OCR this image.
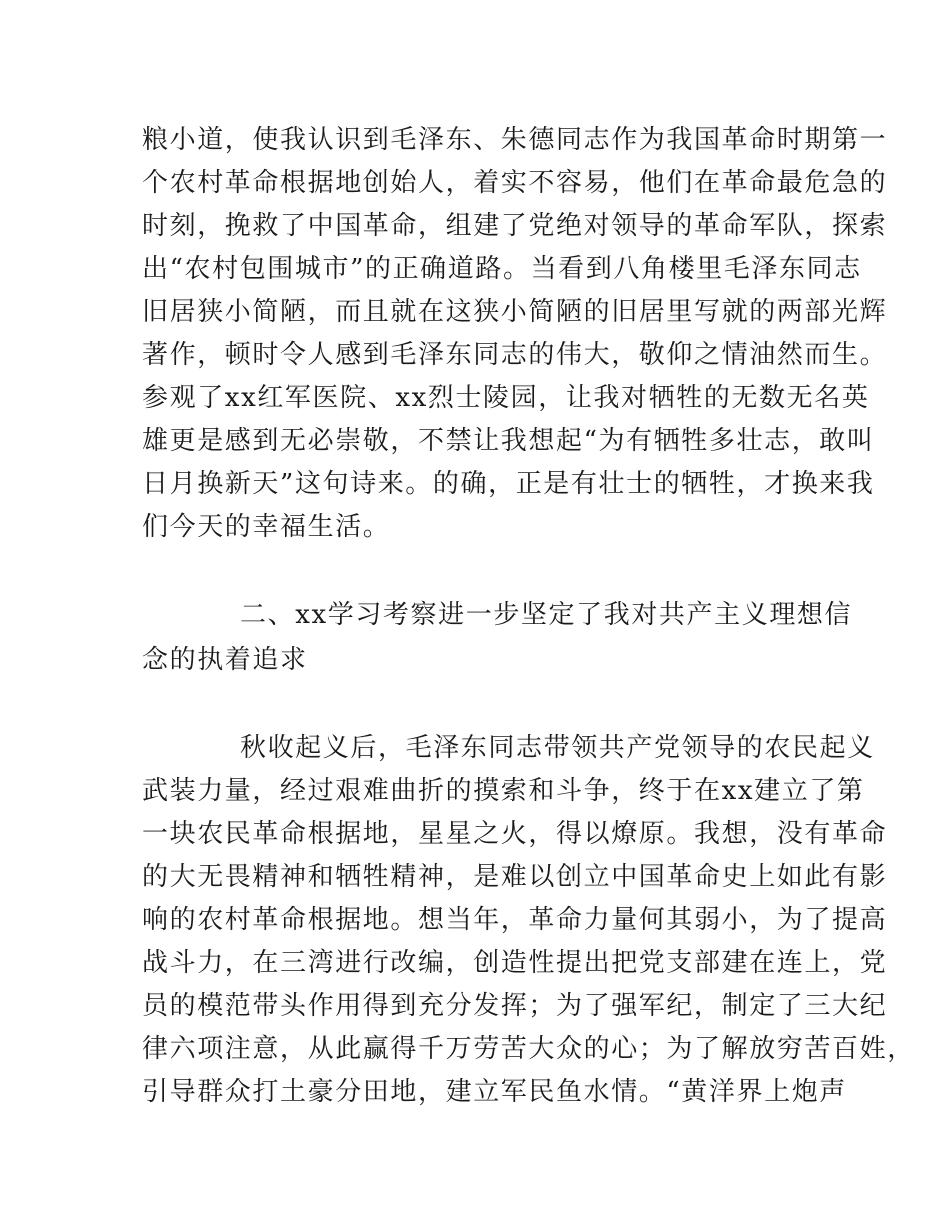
粮小道，使我认识到毛泽东、朱德同志作为我国革命时期第一
个农村革命根据地创始人，着实不容易，他们在革命最危急的
时刻，挽救了中国革命，组建了党绝对领导的革命军队，探索
出“农村包围城市”的正确道路。当看到八角楼里毛泽东同志
旧居狭小简陋，而且就在这狭小简陋的旧居里写就的两部光辉
著作，顿时令人感到毛泽东同志的伟大，敬仰之情油然而生。
参观了xx红军医院、xx烈士陵园，让我对牺牲的无数无名英
雄更是感到无必崇敬，不禁让我想起“为有牺牲多壮志，敢叫
日月换新天”这句诗来。的确，正是有壮士的牺牲，才换来我
们今天的幸福生活。
二、xx学习考察进一步坚定了我对共产主义理想信
念的执着追求
秋收起义后，毛泽东同志带领共产党领导的农民起义
武装力量，经过艰难曲折的摸索和斗争，终于在xx建立了第
一块农民革命根据地，星星之火，得以燎原。我想，没有革命
的大无畏精神和牺牲精神，是难以创立中国革命史上如此有影
响的农村革命根据地。想当年，革命力量何其弱小，为了提高
战斗力，在三湾进行改编，创造性提出把党支部建在连上，党
员的模范带头作用得到充分发挥；为了强军纪，制定了三大纪
律六项注意，从此赢得千万劳苦大众的心；为了解放穷苦百姓，
引导群众打土豪分田地，建立军民鱼水情。“黄洋界上炮声
